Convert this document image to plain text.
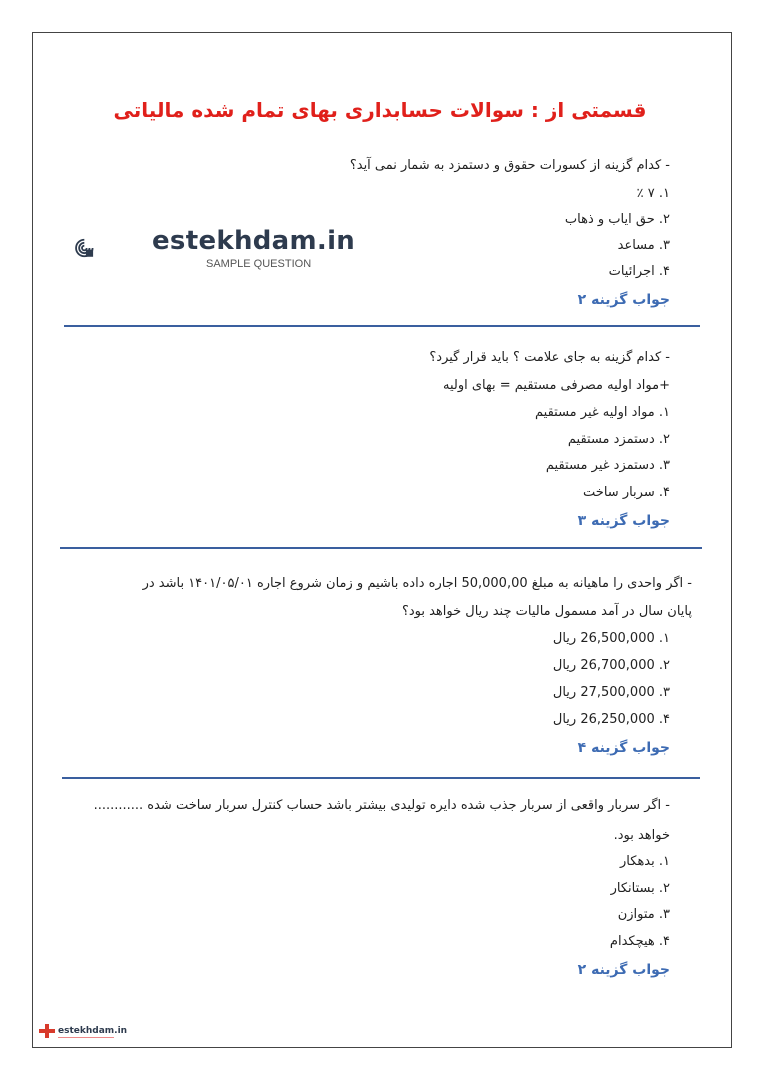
قسمتی از : سوالات حسابداری بهای تمام شده مالیاتی
estekhdam.in
SAMPLE QUESTION
- کدام گزینه از کسورات حقوق و دستمزد به شمار نمی آید؟
۱. ۷ ٪
۲. حق ایاب و ذهاب
۳. مساعد
۴. اجرائیات
جواب گزینه ۲
- کدام گزینه به جای علامت ؟ باید قرار گیرد؟
+مواد اولیه مصرفی مستقیم = بهای اولیه
۱. مواد اولیه غیر مستقیم
۲. دستمزد مستقیم
۳. دستمزد غیر مستقیم
۴. سربار ساخت
جواب گزینه ۳
- اگر واحدی را ماهیانه به مبلغ 50,000,00 اجاره داده باشیم و زمان شروع اجاره ۱۴۰۱/۰۵/۰۱ باشد در
پایان سال در آمد مسمول مالیات چند ریال خواهد بود؟
۱. 26,500,000 ریال
۲. 26,700,000 ریال
۳. 27,500,000 ریال
۴. 26,250,000 ریال
جواب گزینه ۴
- اگر سربار واقعی از سربار جذب شده دایره تولیدی بیشتر باشد حساب کنترل سربار ساخت شده ............
خواهد بود.
۱. بدهکار
۲. بستانکار
۳. متوازن
۴. هیچکدام
جواب گزینه ۲
estekhdam.in
